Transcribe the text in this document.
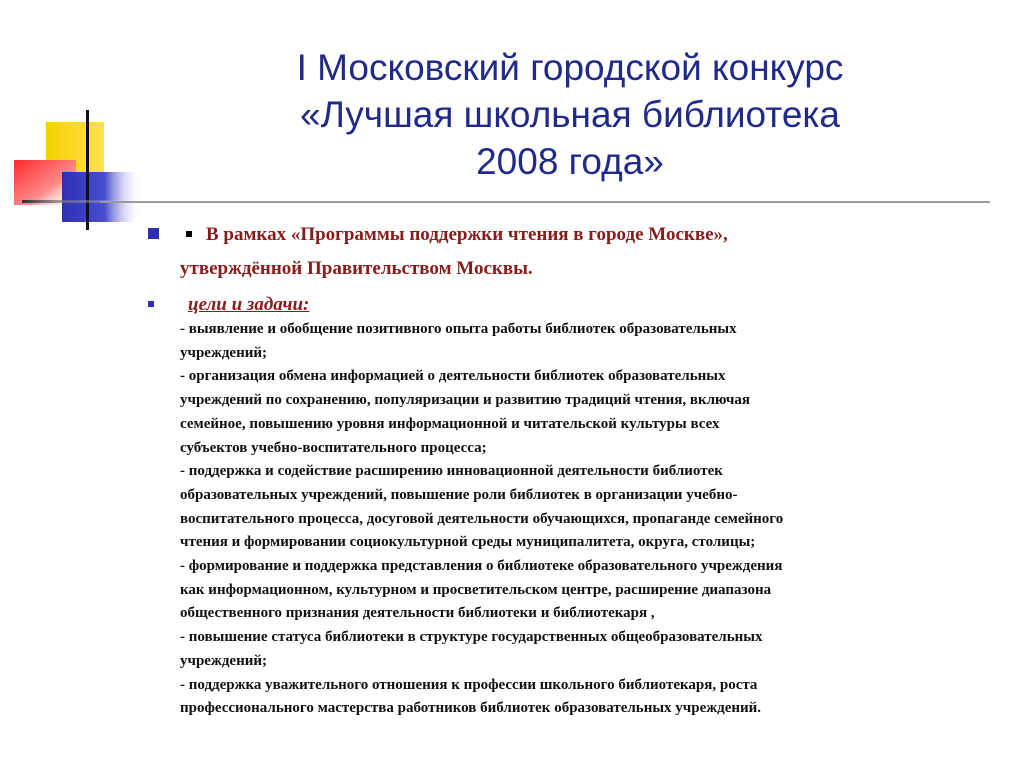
I Московский городской конкурс
«Лучшая школьная библиотека
2008 года»
В рамках «Программы поддержки чтения в городе Москве»,
утверждённой Правительством Москвы.
цели и задачи:
- выявление и обобщение позитивного опыта работы библиотек образовательных
учреждений;
- организация обмена информацией о деятельности библиотек образовательных
учреждений по сохранению, популяризации и развитию традиций чтения, включая
семейное, повышению уровня информационной и читательской культуры всех
субъектов учебно-воспитательного процесса;
- поддержка и содействие расширению инновационной деятельности библиотек
образовательных учреждений, повышение роли библиотек в организации учебно-
воспитательного процесса, досуговой деятельности обучающихся, пропаганде семейного
чтения и формировании социокультурной среды муниципалитета, округа, столицы;
- формирование и поддержка представления о библиотеке образовательного учреждения
как информационном, культурном и просветительском центре, расширение диапазона
общественного признания деятельности библиотеки и библиотекаря ,
- повышение статуса библиотеки в структуре государственных общеобразовательных
учреждений;
- поддержка уважительного отношения к профессии школьного библиотекаря, роста
профессионального мастерства работников библиотек образовательных учреждений.
